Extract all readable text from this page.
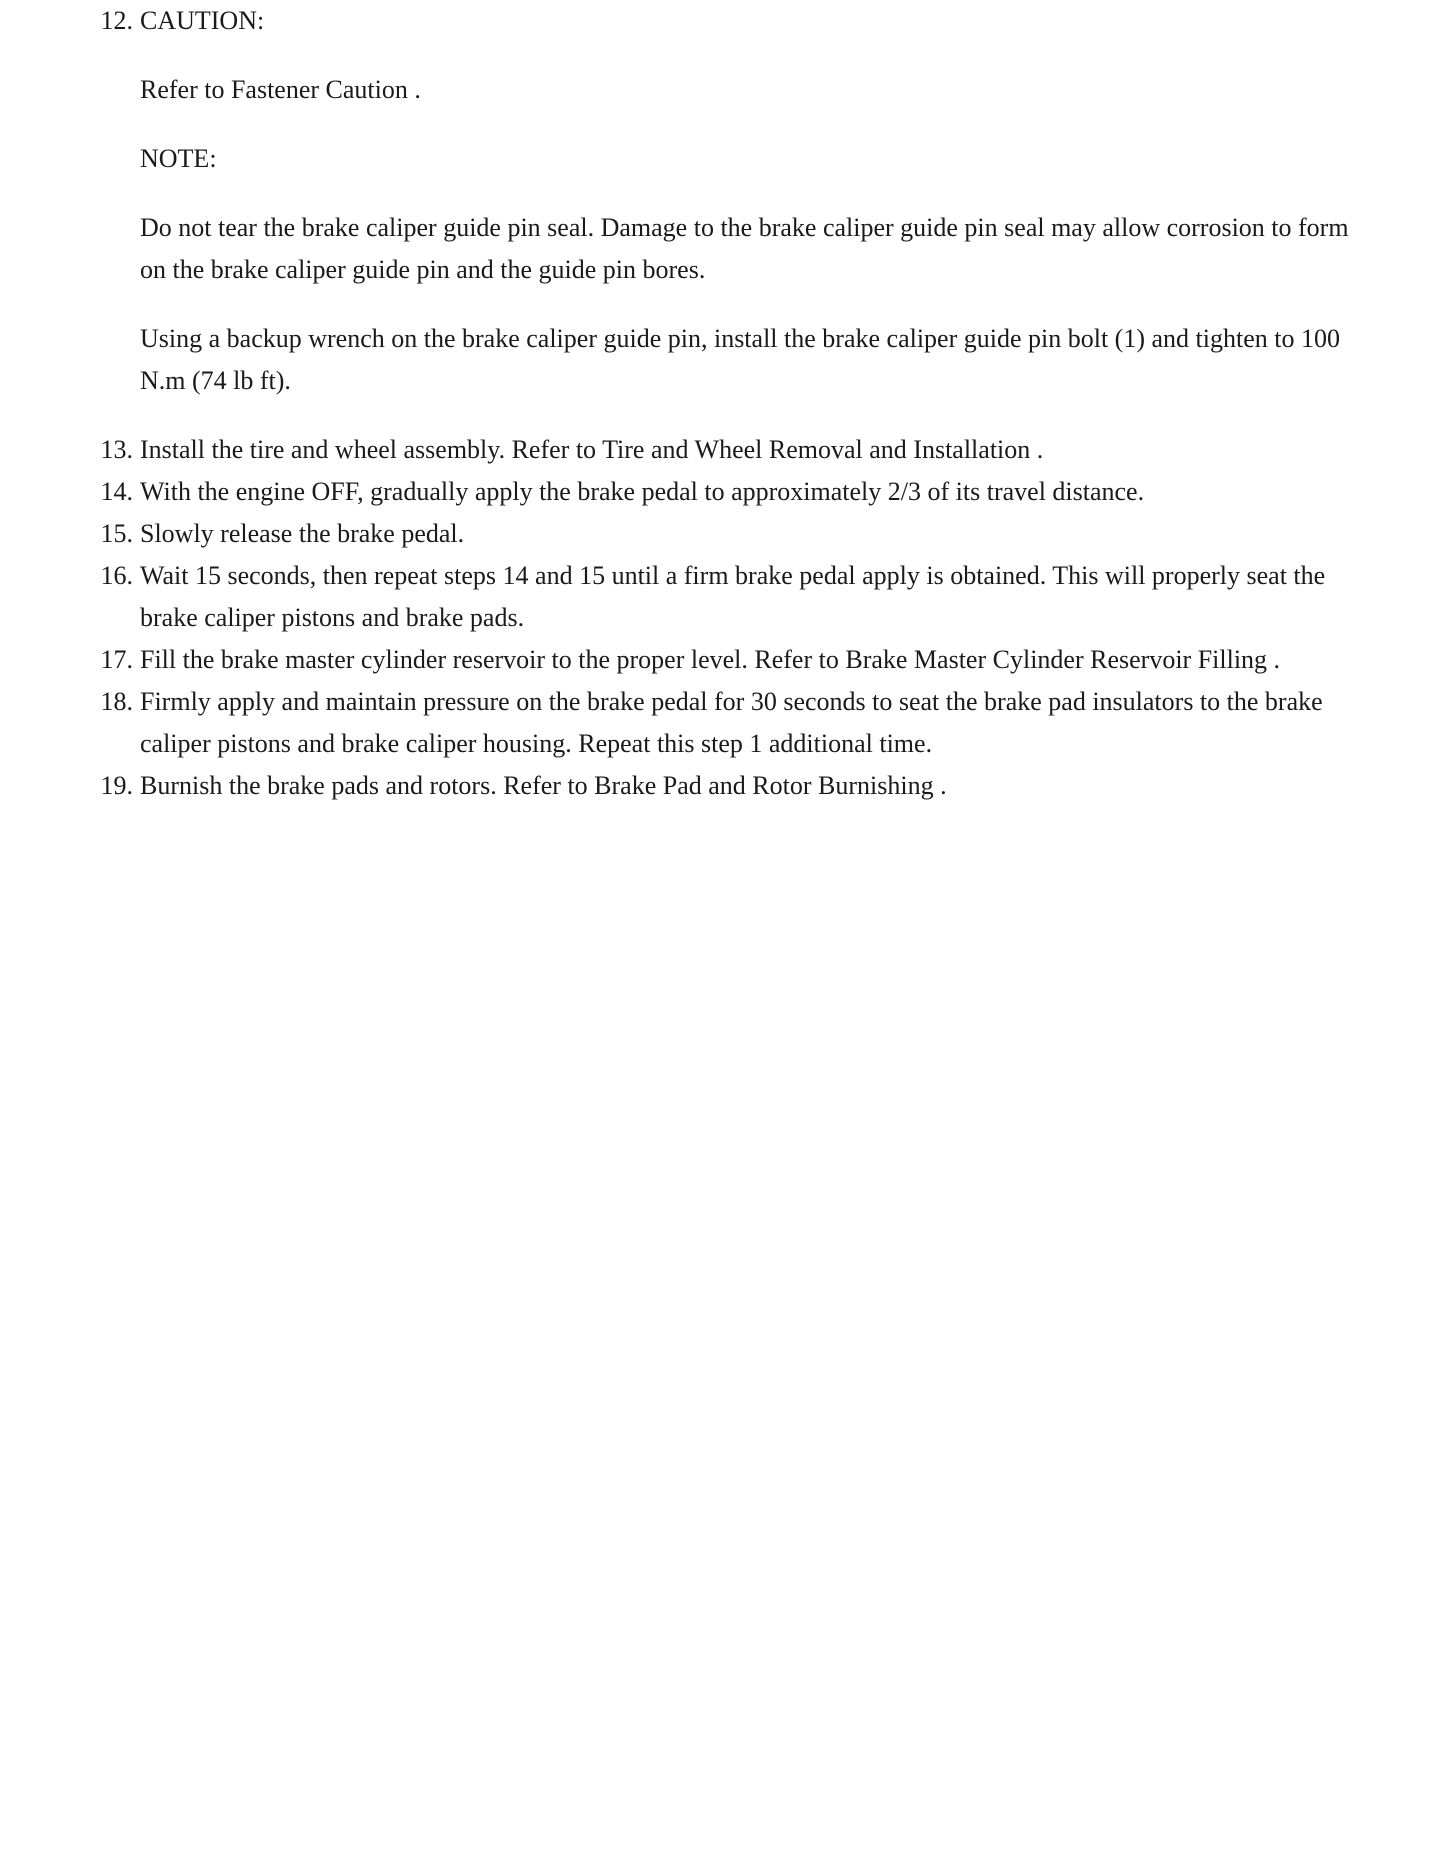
12. CAUTION:
Refer to Fastener Caution .
NOTE:
Do not tear the brake caliper guide pin seal. Damage to the brake caliper guide pin seal may allow corrosion to form on the brake caliper guide pin and the guide pin bores.
Using a backup wrench on the brake caliper guide pin, install the brake caliper guide pin bolt (1) and tighten to 100 N.m (74 lb ft).
13. Install the tire and wheel assembly. Refer to Tire and Wheel Removal and Installation .
14. With the engine OFF, gradually apply the brake pedal to approximately 2/3 of its travel distance.
15. Slowly release the brake pedal.
16. Wait 15 seconds, then repeat steps 14 and 15 until a firm brake pedal apply is obtained. This will properly seat the brake caliper pistons and brake pads.
17. Fill the brake master cylinder reservoir to the proper level. Refer to Brake Master Cylinder Reservoir Filling .
18. Firmly apply and maintain pressure on the brake pedal for 30 seconds to seat the brake pad insulators to the brake caliper pistons and brake caliper housing. Repeat this step 1 additional time.
19. Burnish the brake pads and rotors. Refer to Brake Pad and Rotor Burnishing .
